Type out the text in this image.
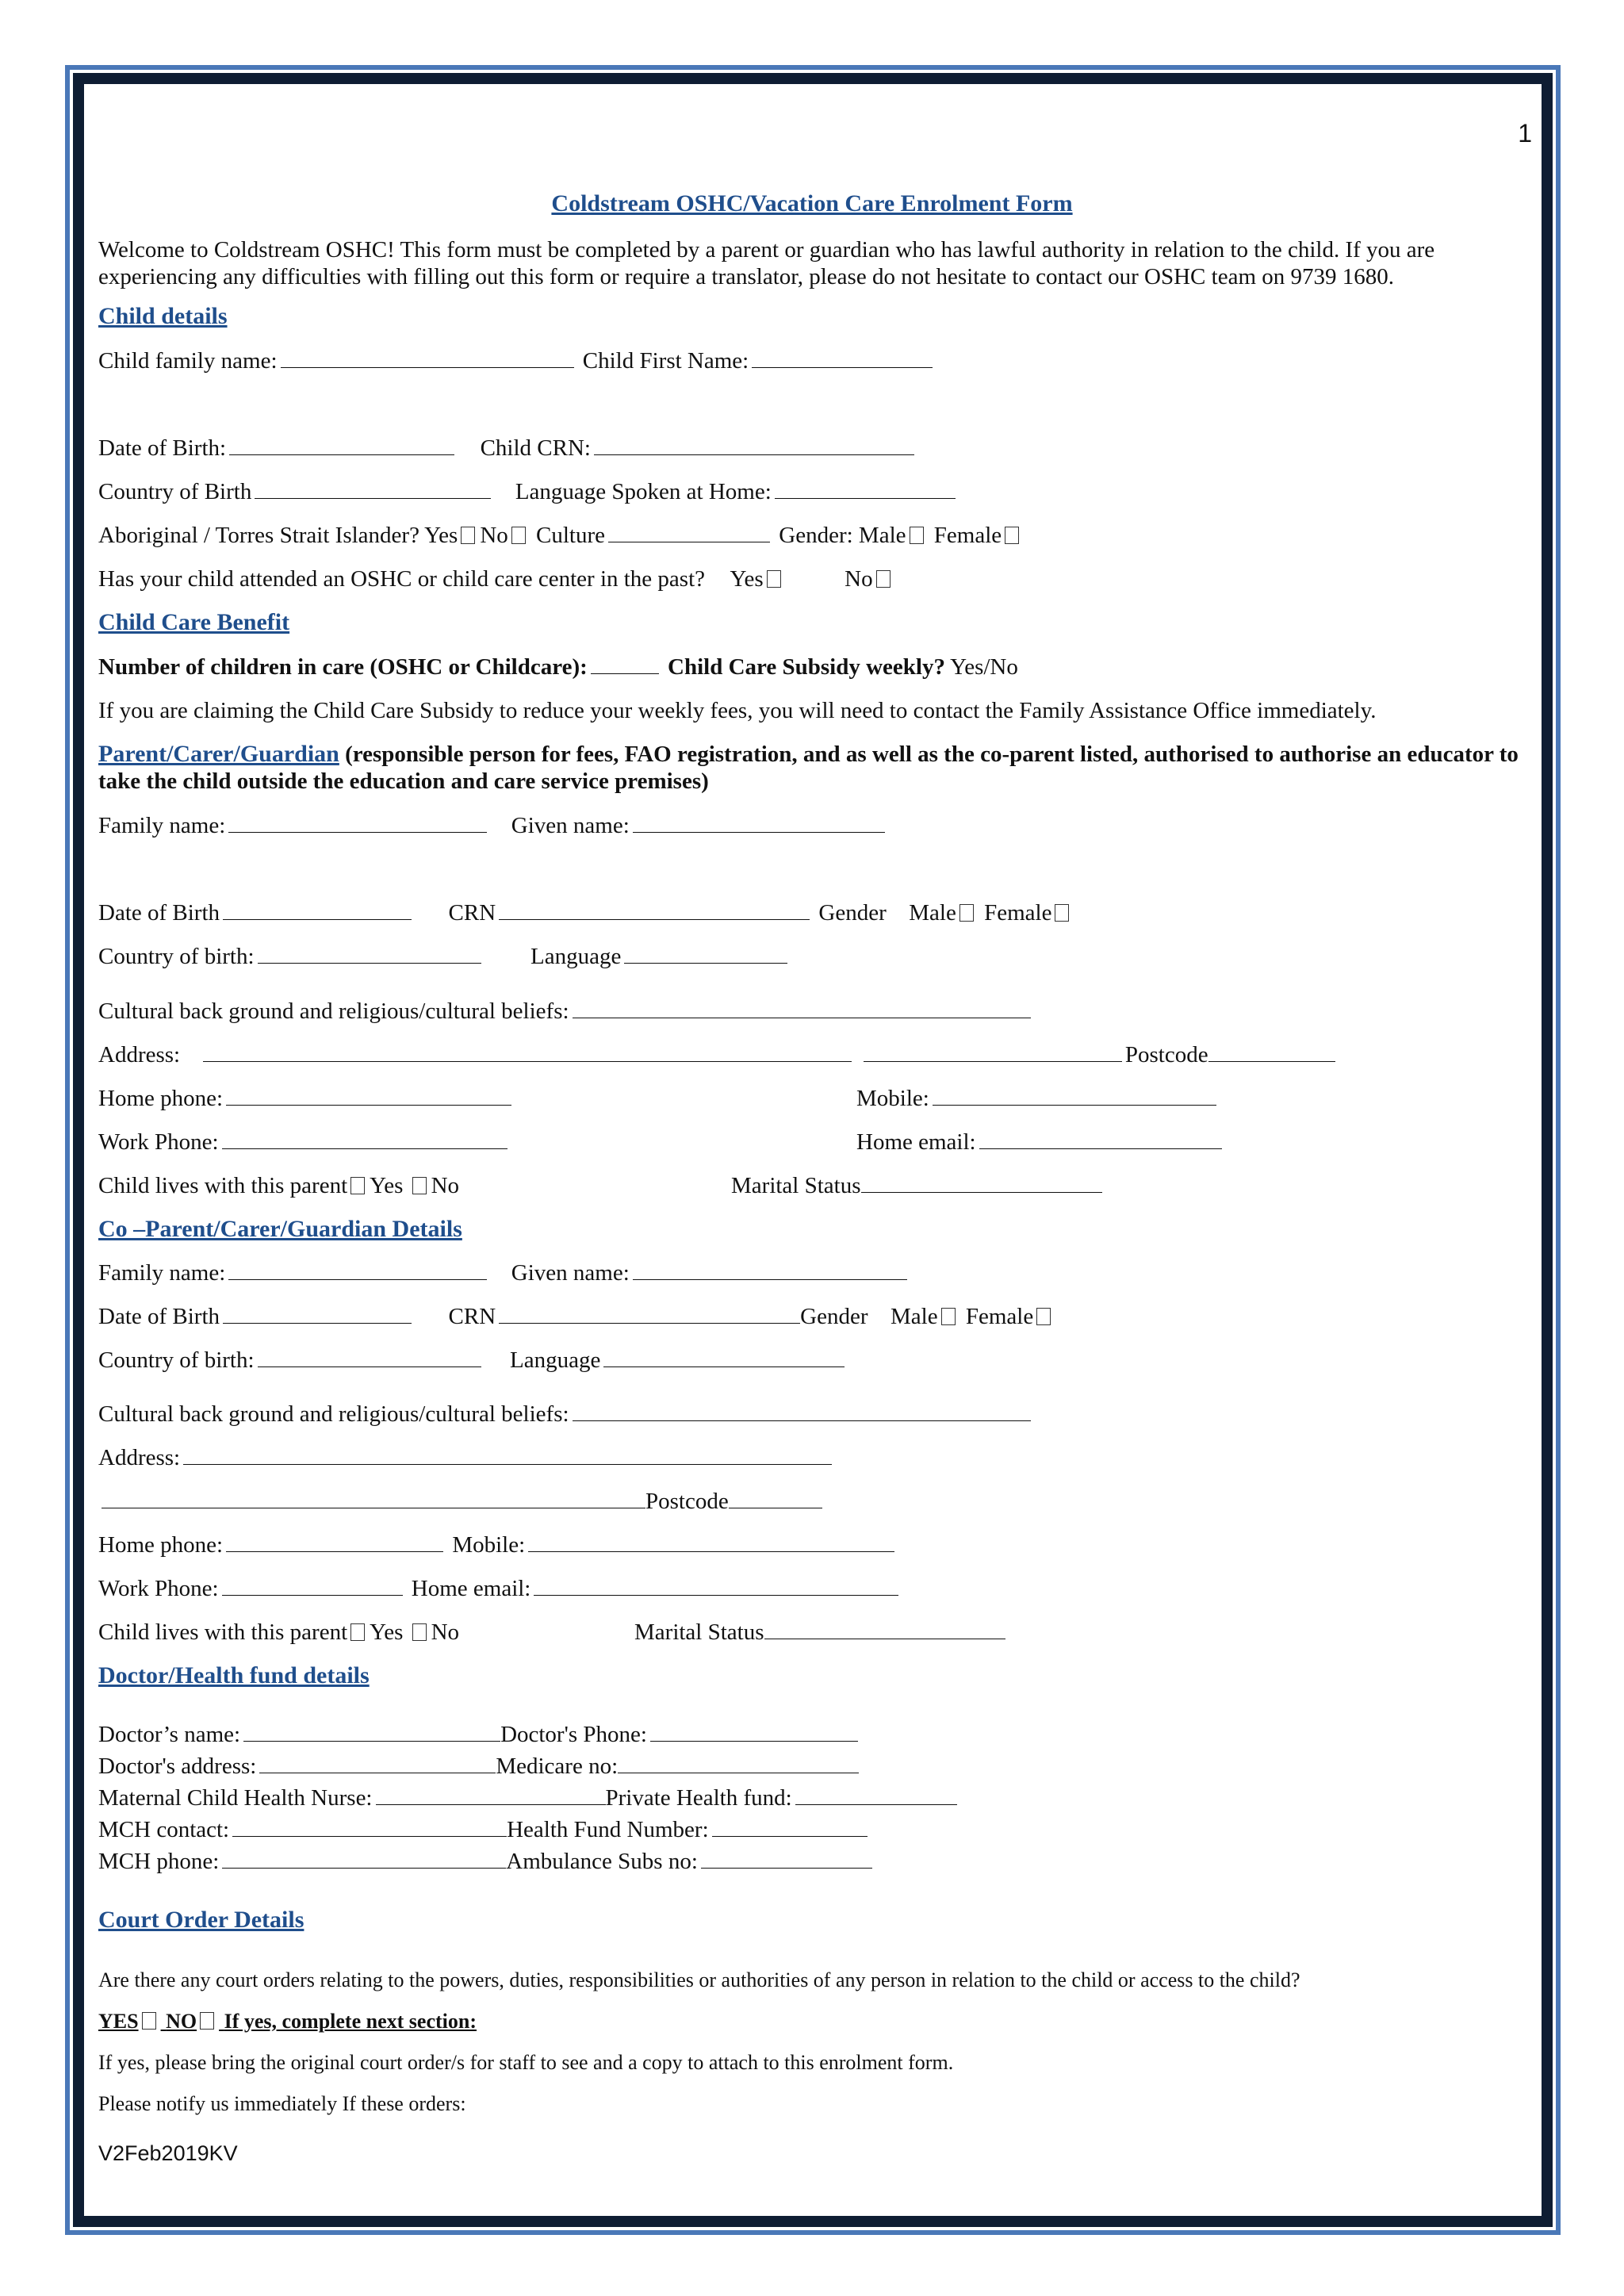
1
Coldstream OSHC/Vacation Care Enrolment Form
Welcome to Coldstream OSHC! This form must be completed by a parent or guardian who has lawful authority in relation to the child. If you are experiencing any difficulties with filling out this form or require a translator, please do not hesitate to contact our OSHC team on 9739 1680.
Child details
Child family name:	Child First Name:
Date of Birth:	Child CRN:
Country of Birth	Language Spoken at Home:
Aboriginal / Torres Strait Islander? Yes No Culture	Gender: Male Female
Has your child attended an OSHC or child care center in the past? Yes	No
Child Care Benefit
Number of children in care (OSHC or Childcare):	Child Care Subsidy weekly? Yes/No
If you are claiming the Child Care Subsidy to reduce your weekly fees, you will need to contact the Family Assistance Office immediately.
Parent/Carer/Guardian (responsible person for fees, FAO registration, and as well as the co-parent listed, authorised to authorise an educator to take the child outside the education and care service premises)
Family name:	Given name:
Date of Birth	CRN	Gender Male Female
Country of birth:	Language
Cultural back ground and religious/cultural beliefs:
Address:	Postcode
Home phone:	Mobile:
Work Phone:	Home email:
Child lives with this parent Yes No	Marital Status
Co –Parent/Carer/Guardian Details
Family name:	Given name:
Date of Birth	CRN	Gender Male Female
Country of birth:	Language
Cultural back ground and religious/cultural beliefs:
Address:
Postcode
Home phone:	Mobile:
Work Phone:	Home email:
Child lives with this parent Yes No	Marital Status
Doctor/Health fund details
Doctor’s name:	Doctor's Phone:
Doctor's address:	Medicare no:
Maternal Child Health Nurse:	Private Health fund:
MCH contact:	Health Fund Number:
MCH phone:	Ambulance Subs no:
Court Order Details
Are there any court orders relating to the powers, duties, responsibilities or authorities of any person in relation to the child or access to the child?
YES NO If yes, complete next section:
If yes, please bring the original court order/s for staff to see and a copy to attach to this enrolment form.
Please notify us immediately If these orders:
V2Feb2019KV
